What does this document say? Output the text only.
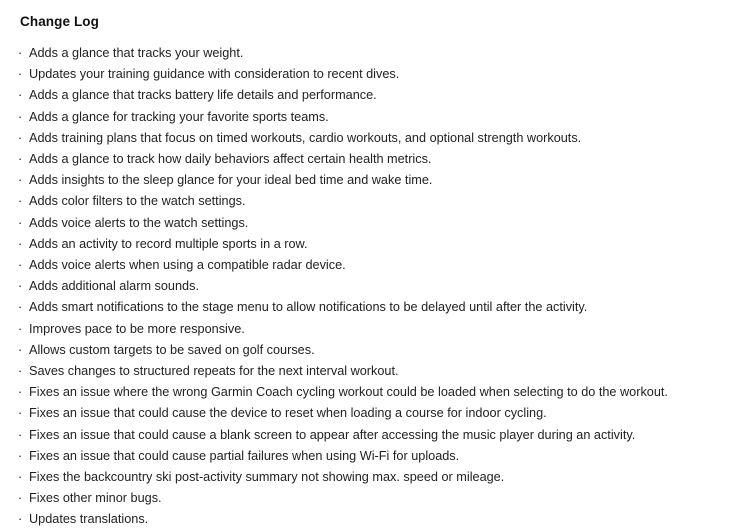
Change Log
· Adds a glance that tracks your weight.
· Updates your training guidance with consideration to recent dives.
· Adds a glance that tracks battery life details and performance.
· Adds a glance for tracking your favorite sports teams.
· Adds training plans that focus on timed workouts, cardio workouts, and optional strength workouts.
· Adds a glance to track how daily behaviors affect certain health metrics.
· Adds insights to the sleep glance for your ideal bed time and wake time.
· Adds color filters to the watch settings.
· Adds voice alerts to the watch settings.
· Adds an activity to record multiple sports in a row.
· Adds voice alerts when using a compatible radar device.
· Adds additional alarm sounds.
· Adds smart notifications to the stage menu to allow notifications to be delayed until after the activity.
· Improves pace to be more responsive.
· Allows custom targets to be saved on golf courses.
· Saves changes to structured repeats for the next interval workout.
· Fixes an issue where the wrong Garmin Coach cycling workout could be loaded when selecting to do the workout.
· Fixes an issue that could cause the device to reset when loading a course for indoor cycling.
· Fixes an issue that could cause a blank screen to appear after accessing the music player during an activity.
· Fixes an issue that could cause partial failures when using Wi-Fi for uploads.
· Fixes the backcountry ski post-activity summary not showing max. speed or mileage.
· Fixes other minor bugs.
· Updates translations.
